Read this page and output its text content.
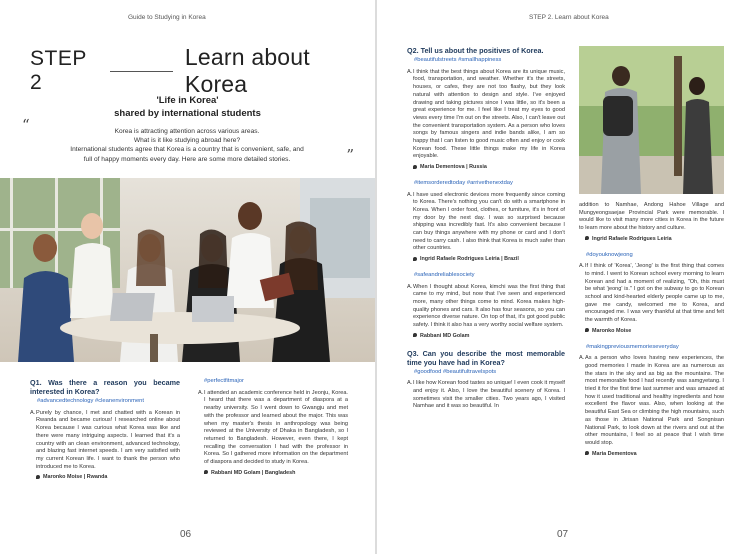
Guide to Studying in Korea
STEP 2
Learn about Korea
'Life in Korea'
shared by international students
“	Korea is attracting attention across various areas.
What is it like studying abroad here?
International students agree that Korea is a country that is convenient, safe, and
full of happy moments every day. Here are some more detailed stories.	”
Q1. Was there a reason you became interested in Korea?
#advancedtechnology #cleanenvironment

A. Purely by chance, I met and chatted with a Korean in Rwanda and became curious! I researched online about Korea because I was curious what Korea was like and there were many intriguing aspects. I learned that it's a country with an clean environment, advanced technology, and blazing fast internet speeds. I am very satisfied with my current Korean life. I want to thank the person who introduced me to Korea.

Maronko Moise | Rwanda
#perfectfitmajor

A. I attended an academic conference held in Jeonju, Korea. I heard that there was a department of diaspora at a nearby university. So I went down to Gwangju and met with the professor and learned about the major. This was when my master's thesis in anthropology was being reviewed at the University of Dhaka in Bangladesh, so I returned to Bangladesh. However, even there, I kept recalling the conversation I had with the professor in Korea. So I gathered more information on the department of diaspora and decided to study in Korea.

Rabbani MD Golam | Bangladesh
06
STEP 2. Learn about Korea
Q2. Tell us about the positives of Korea.
#beautifulstreets #smallhappiness

A. I think that the best things about Korea are its unique music, food, transportation, and weather. Whether it's the streets, houses, or cafes, they are not too flashy, but they look natural with attention to design and style. I've enjoyed drawing and taking pictures since I was little, so it's been a great experience for me. I feel like I treat my eyes to good views every time I'm out on the streets. Also, I can't leave out the convenient transportation system. As a person who loves songs by famous singers and indie bands alike, I am so happy that I can listen to good music often and enjoy or cook Korean food. These little things make my life in Korea enjoyable.

Maria Dementova | Russia
#itemsorderedtoday #arrivethenextday

A. I have used electronic devices more frequently since coming to Korea. There's nothing you can't do with a smartphone in Korea. When I order food, clothes, or furniture, it's in front of my door by the next day. I was so surprised because shipping was incredibly fast. It's also convenient because I can buy things anywhere with my phone or card and I don't need to carry cash. I also think that Korea is much safer than other countries.

Ingrid Rafaele Rodrigues Leiria | Brazil
#safeandreliablesociety

A. When I thought about Korea, kimchi was the first thing that came to my mind, but now that I've seen and experienced more, many other things come to mind. Korea makes high-quality phones and cars. It also has four seasons, so you can experience diverse nature. On top of that, it's got good public safety. I think it also has a very worthy social welfare system.

Rabbani MD Golam
Q3. Can you describe the most memorable time you have had in Korea?
#goodfood #beautifultravelspots

A. I like how Korean food tastes so unique! I even cook it myself and enjoy it. Also, I love the beautiful scenery of Korea. I sometimes visit the smaller cities. Two years ago, I visited Namhae and it was so beautiful. In

addition to Namhae, Andong Hahoe Village and Mungyeongsaejae Provincial Park were memorable. I would like to visit many more cities in Korea in the future to learn more about the history and culture.

Ingrid Rafaele Rodrigues Leiria
#doyouknowjeong

A. If I think of 'Korea', 'Jeong' is the first thing that comes to mind. I went to Korean school every morning to learn Korean and had a moment of realizing, "Oh, this must be what 'jeong' is." I got on the subway to go to Korean school and kind-hearted elderly people came up to me, gave me candy, welcomed me to Korea, and encouraged me. I was very thankful at that time and felt the warmth of Korea.

Maronko Moise
#makingpreviousmemorieseveryday

A. As a person who loves having new experiences, the good memories I made in Korea are as numerous as the stars in the sky and as big as the mountains. The most memorable food I had recently was samgyetang. I tried it for the first time last summer and was amazed at how it used traditional and healthy ingredients and how excellent the flavor was. Also, when looking at the beautiful East Sea or climbing the high mountains, such as those in Jirisan National Park and Songnisan National Park, to look down at the rivers and out at the other mountains, I feel so at peace that I wish time would stop.

Maria Dementova
07
